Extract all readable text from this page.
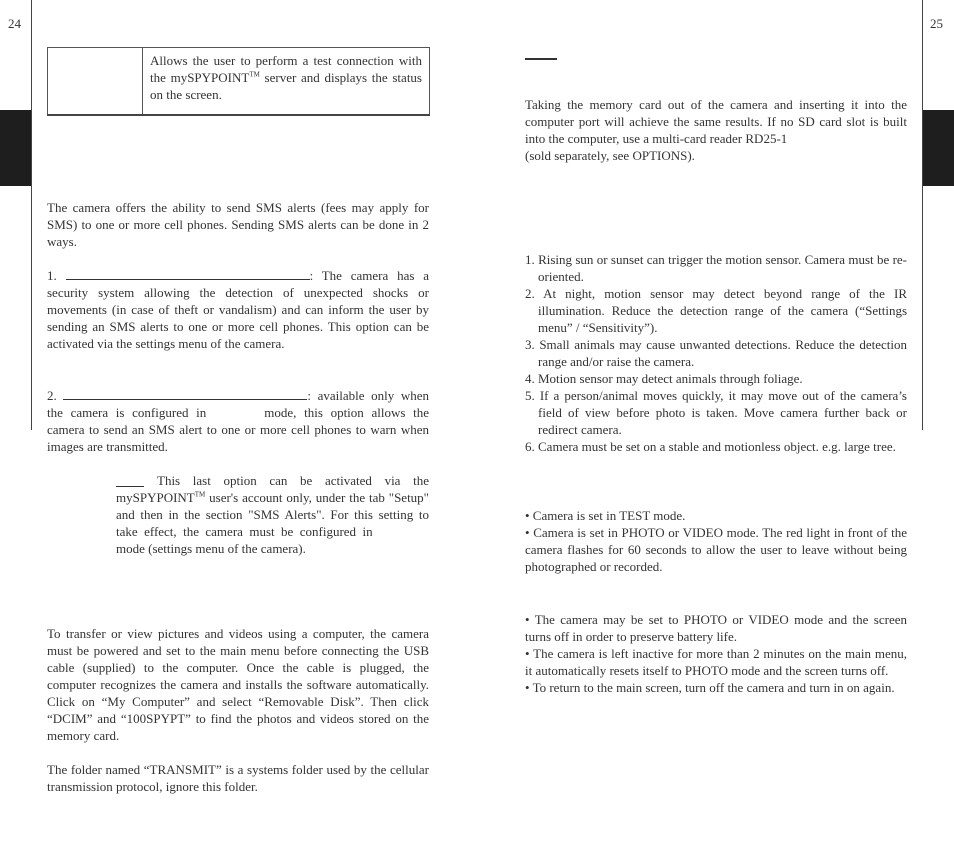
24	25
Allows the user to perform a test connection with the mySPYPOINT™ server and displays the status on the screen.
The camera offers the ability to send SMS alerts (fees may apply for SMS) to one or more cell phones. Sending SMS alerts can be done in 2 ways.
1.	: The camera has a security system allowing the detection of unexpected shocks or movements (in case of theft or vandalism) and can inform the user by sending an SMS alerts to one or more cell phones. This option can be activated via the settings menu of the camera.
2.	: available only when the camera is configured in	mode, this option allows the camera to send an SMS alert to one or more cell phones to warn when images are transmitted.
This last option can be activated via the mySPYPOINT™ user's account only, under the tab "Setup" and then in the section "SMS Alerts". For this setting to take effect, the camera must be configured in mode (settings menu of the camera).
To transfer or view pictures and videos using a computer, the camera must be powered and set to the main menu before connecting the USB cable (supplied) to the computer. Once the cable is plugged, the computer recognizes the camera and installs the software automatically. Click on “My Computer” and select “Removable Disk”. Then click “DCIM” and “100SPYPT” to find the photos and videos stored on the memory card.
The folder named “TRANSMIT” is a systems folder used by the cellular transmission protocol, ignore this folder.

Taking the memory card out of the camera and inserting it into the computer port will achieve the same results. If no SD card slot is built into the computer, use a multi-card reader RD25-1

(sold separately, see OPTIONS).

1. Rising sun or sunset can trigger the motion sensor. Camera must be re-oriented.
2. At night, motion sensor may detect beyond range of the IR illumination. Reduce the detection range of the camera (“Settings menu” / “Sensitivity”).
3. Small animals may cause unwanted detections. Reduce the detection range and/or raise the camera.
4. Motion sensor may detect animals through foliage.
5. If a person/animal moves quickly, it may move out of the camera’s field of view before photo is taken. Move camera further back or redirect camera.
6. Camera must be set on a stable and motionless object. e.g. large tree.

• Camera is set in TEST mode.

• Camera is set in PHOTO or VIDEO mode. The red light in front of the camera flashes for 60 seconds to allow the user to leave without being photographed or recorded.

• The camera may be set to PHOTO or VIDEO mode and the screen turns off in order to preserve battery life.

• The camera is left inactive for more than 2 minutes on the main menu, it automatically resets itself to PHOTO mode and the screen turns off.

• To return to the main screen, turn off the camera and turn in on again.
